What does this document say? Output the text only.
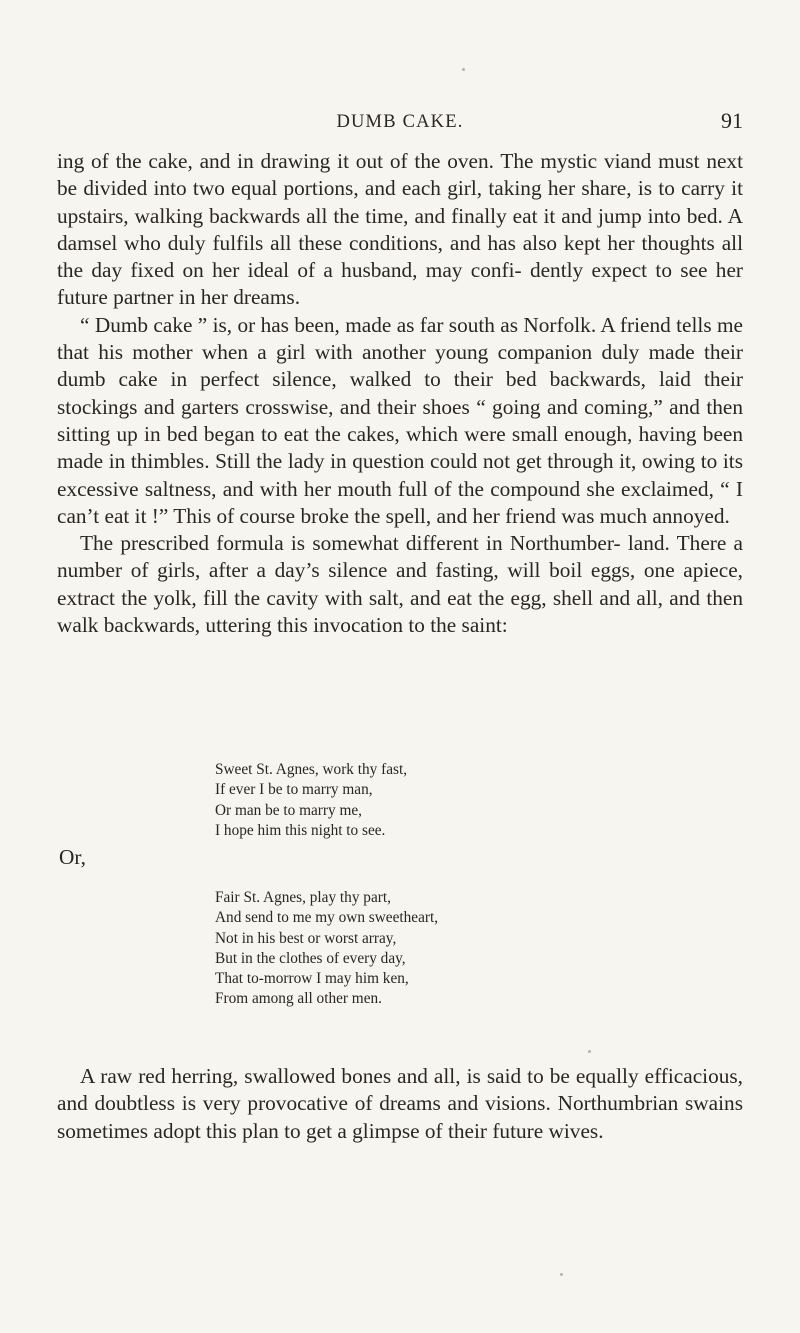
DUMB CAKE.	91

ing of the cake, and in drawing it out of the oven. The mystic viand must next be divided into two equal portions, and each girl, taking her share, is to carry it upstairs, walking backwards all the time, and finally eat it and jump into bed. A damsel who duly fulfils all these conditions, and has also kept her thoughts all the day fixed on her ideal of a husband, may confi- dently expect to see her future partner in her dreams.

“ Dumb cake ” is, or has been, made as far south as Norfolk. A friend tells me that his mother when a girl with another young companion duly made their dumb cake in perfect silence, walked to their bed backwards, laid their stockings and garters crosswise, and their shoes “ going and coming,” and then sitting up in bed began to eat the cakes, which were small enough, having been made in thimbles. Still the lady in question could not get through it, owing to its excessive saltness, and with her mouth full of the compound she exclaimed, “ I can’t eat it !” This of course broke the spell, and her friend was much annoyed.

The prescribed formula is somewhat different in Northumber- land. There a number of girls, after a day’s silence and fasting, will boil eggs, one apiece, extract the yolk, fill the cavity with salt, and eat the egg, shell and all, and then walk backwards, uttering this invocation to the saint:

Sweet St. Agnes, work thy fast,
If ever I be to marry man,
Or man be to marry me,
I hope him this night to see.
Or,
Fair St. Agnes, play thy part,
And send to me my own sweetheart,
Not in his best or worst array,
But in the clothes of every day,
That to-morrow I may him ken,
From among all other men.

A raw red herring, swallowed bones and all, is said to be equally efficacious, and doubtless is very provocative of dreams and visions. Northumbrian swains sometimes adopt this plan to get a glimpse of their future wives.
